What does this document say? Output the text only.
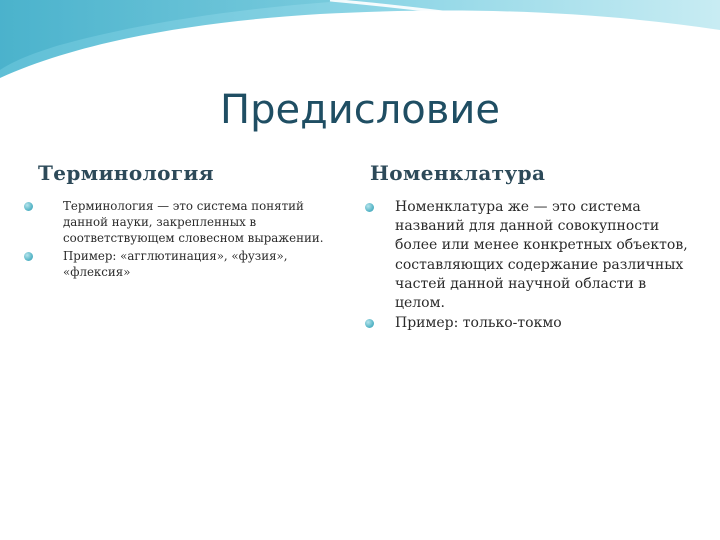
Предисловие
Терминология	Номенклатура
Терминология — это система понятий данной науки, закрепленных в соответствующем словесном выражении.
Пример: «агглютинация», «фузия», «флексия»
Номенклатура же — это система названий для данной совокупности более или менее конкретных объектов, составляющих содержание различных частей данной научной области в целом.
Пример: только-токмо
